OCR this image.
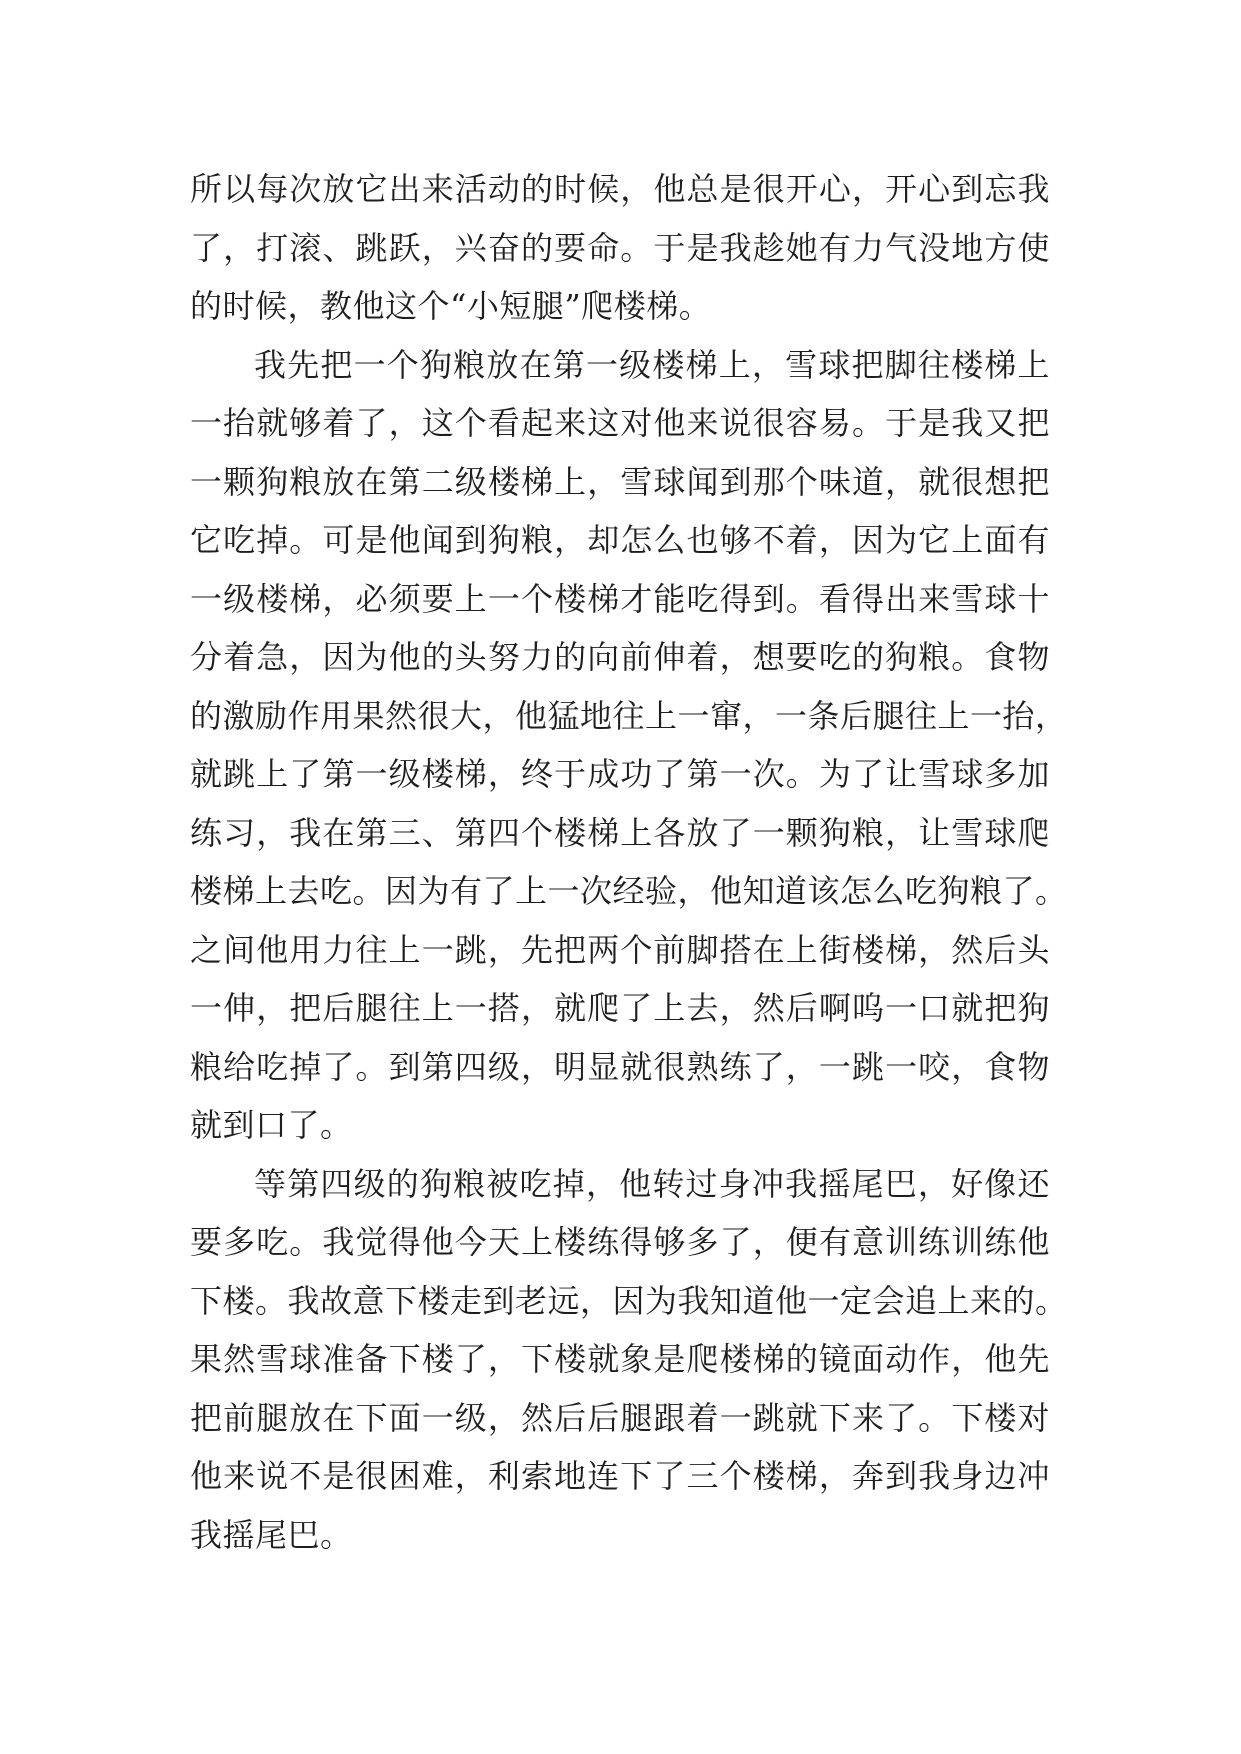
所以每次放它出来活动的时候，他总是很开心，开心到忘我
了，打滚、跳跃，兴奋的要命。于是我趁她有力气没地方使
的时候，教他这个“小短腿”爬楼梯。
我先把一个狗粮放在第一级楼梯上，雪球把脚往楼梯上
一抬就够着了，这个看起来这对他来说很容易。于是我又把
一颗狗粮放在第二级楼梯上，雪球闻到那个味道，就很想把
它吃掉。可是他闻到狗粮，却怎么也够不着，因为它上面有
一级楼梯，必须要上一个楼梯才能吃得到。看得出来雪球十
分着急，因为他的头努力的向前伸着，想要吃的狗粮。食物
的激励作用果然很大，他猛地往上一窜，一条后腿往上一抬，
就跳上了第一级楼梯，终于成功了第一次。为了让雪球多加
练习，我在第三、第四个楼梯上各放了一颗狗粮，让雪球爬
楼梯上去吃。因为有了上一次经验，他知道该怎么吃狗粮了。
之间他用力往上一跳，先把两个前脚搭在上街楼梯，然后头
一伸，把后腿往上一搭，就爬了上去，然后啊呜一口就把狗
粮给吃掉了。到第四级，明显就很熟练了，一跳一咬，食物
就到口了。
等第四级的狗粮被吃掉，他转过身冲我摇尾巴，好像还
要多吃。我觉得他今天上楼练得够多了，便有意训练训练他
下楼。我故意下楼走到老远，因为我知道他一定会追上来的。
果然雪球准备下楼了，下楼就象是爬楼梯的镜面动作，他先
把前腿放在下面一级，然后后腿跟着一跳就下来了。下楼对
他来说不是很困难，利索地连下了三个楼梯，奔到我身边冲
我摇尾巴。
